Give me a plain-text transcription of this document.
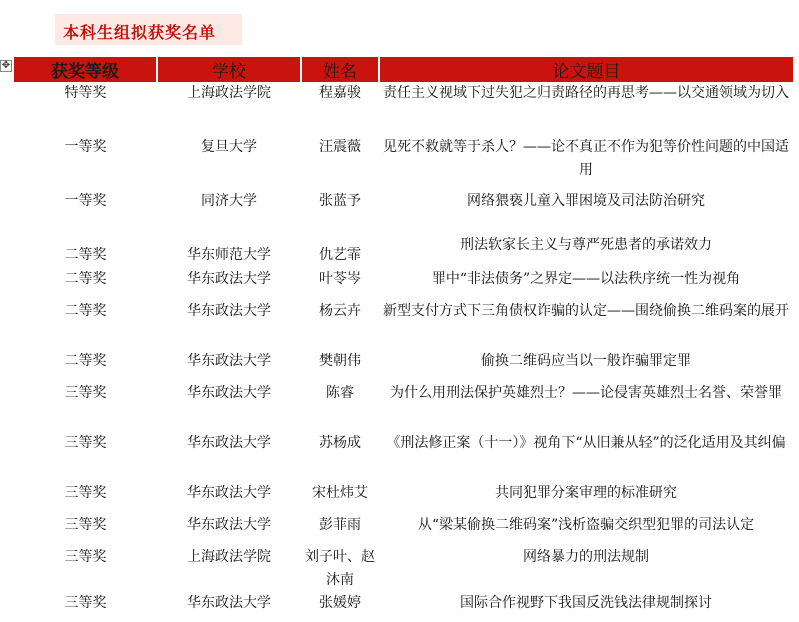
本科生组拟获奖名单
✥ 获奖等级	学校	姓名	论文题目
特等奖	上海政法学院	程嘉骏	责任主义视域下过失犯之归责路径的再思考——以交通领域为切入
一等奖	复旦大学	汪震薇	见死不救就等于杀人？——论不真正不作为犯等价性问题的中国适用
一等奖	同济大学	张蓝予	网络猥亵儿童入罪困境及司法防治研究
二等奖	华东师范大学	仇艺霏	刑法软家长主义与尊严死患者的承诺效力
二等奖	华东政法大学	叶苓岑	罪中“非法债务”之界定——以法秩序统一性为视角
二等奖	华东政法大学	杨云卉	新型支付方式下三角债权诈骗的认定——围绕偷换二维码案的展开
二等奖	华东政法大学	樊朝伟	偷换二维码应当以一般诈骗罪定罪
三等奖	华东政法大学	陈睿	为什么用刑法保护英雄烈士？——论侵害英雄烈士名誉、荣誉罪
三等奖	华东政法大学	苏杨成	《刑法修正案（十一）》视角下“从旧兼从轻”的泛化适用及其纠偏
三等奖	华东政法大学	宋杜炜艾	共同犯罪分案审理的标准研究
三等奖	华东政法大学	彭菲雨	从“梁某偷换二维码案”浅析盗骗交织型犯罪的司法认定
三等奖	上海政法学院	刘子叶、赵沐南	网络暴力的刑法规制
三等奖	华东政法大学	张媛婷	国际合作视野下我国反洗钱法律规制探讨
